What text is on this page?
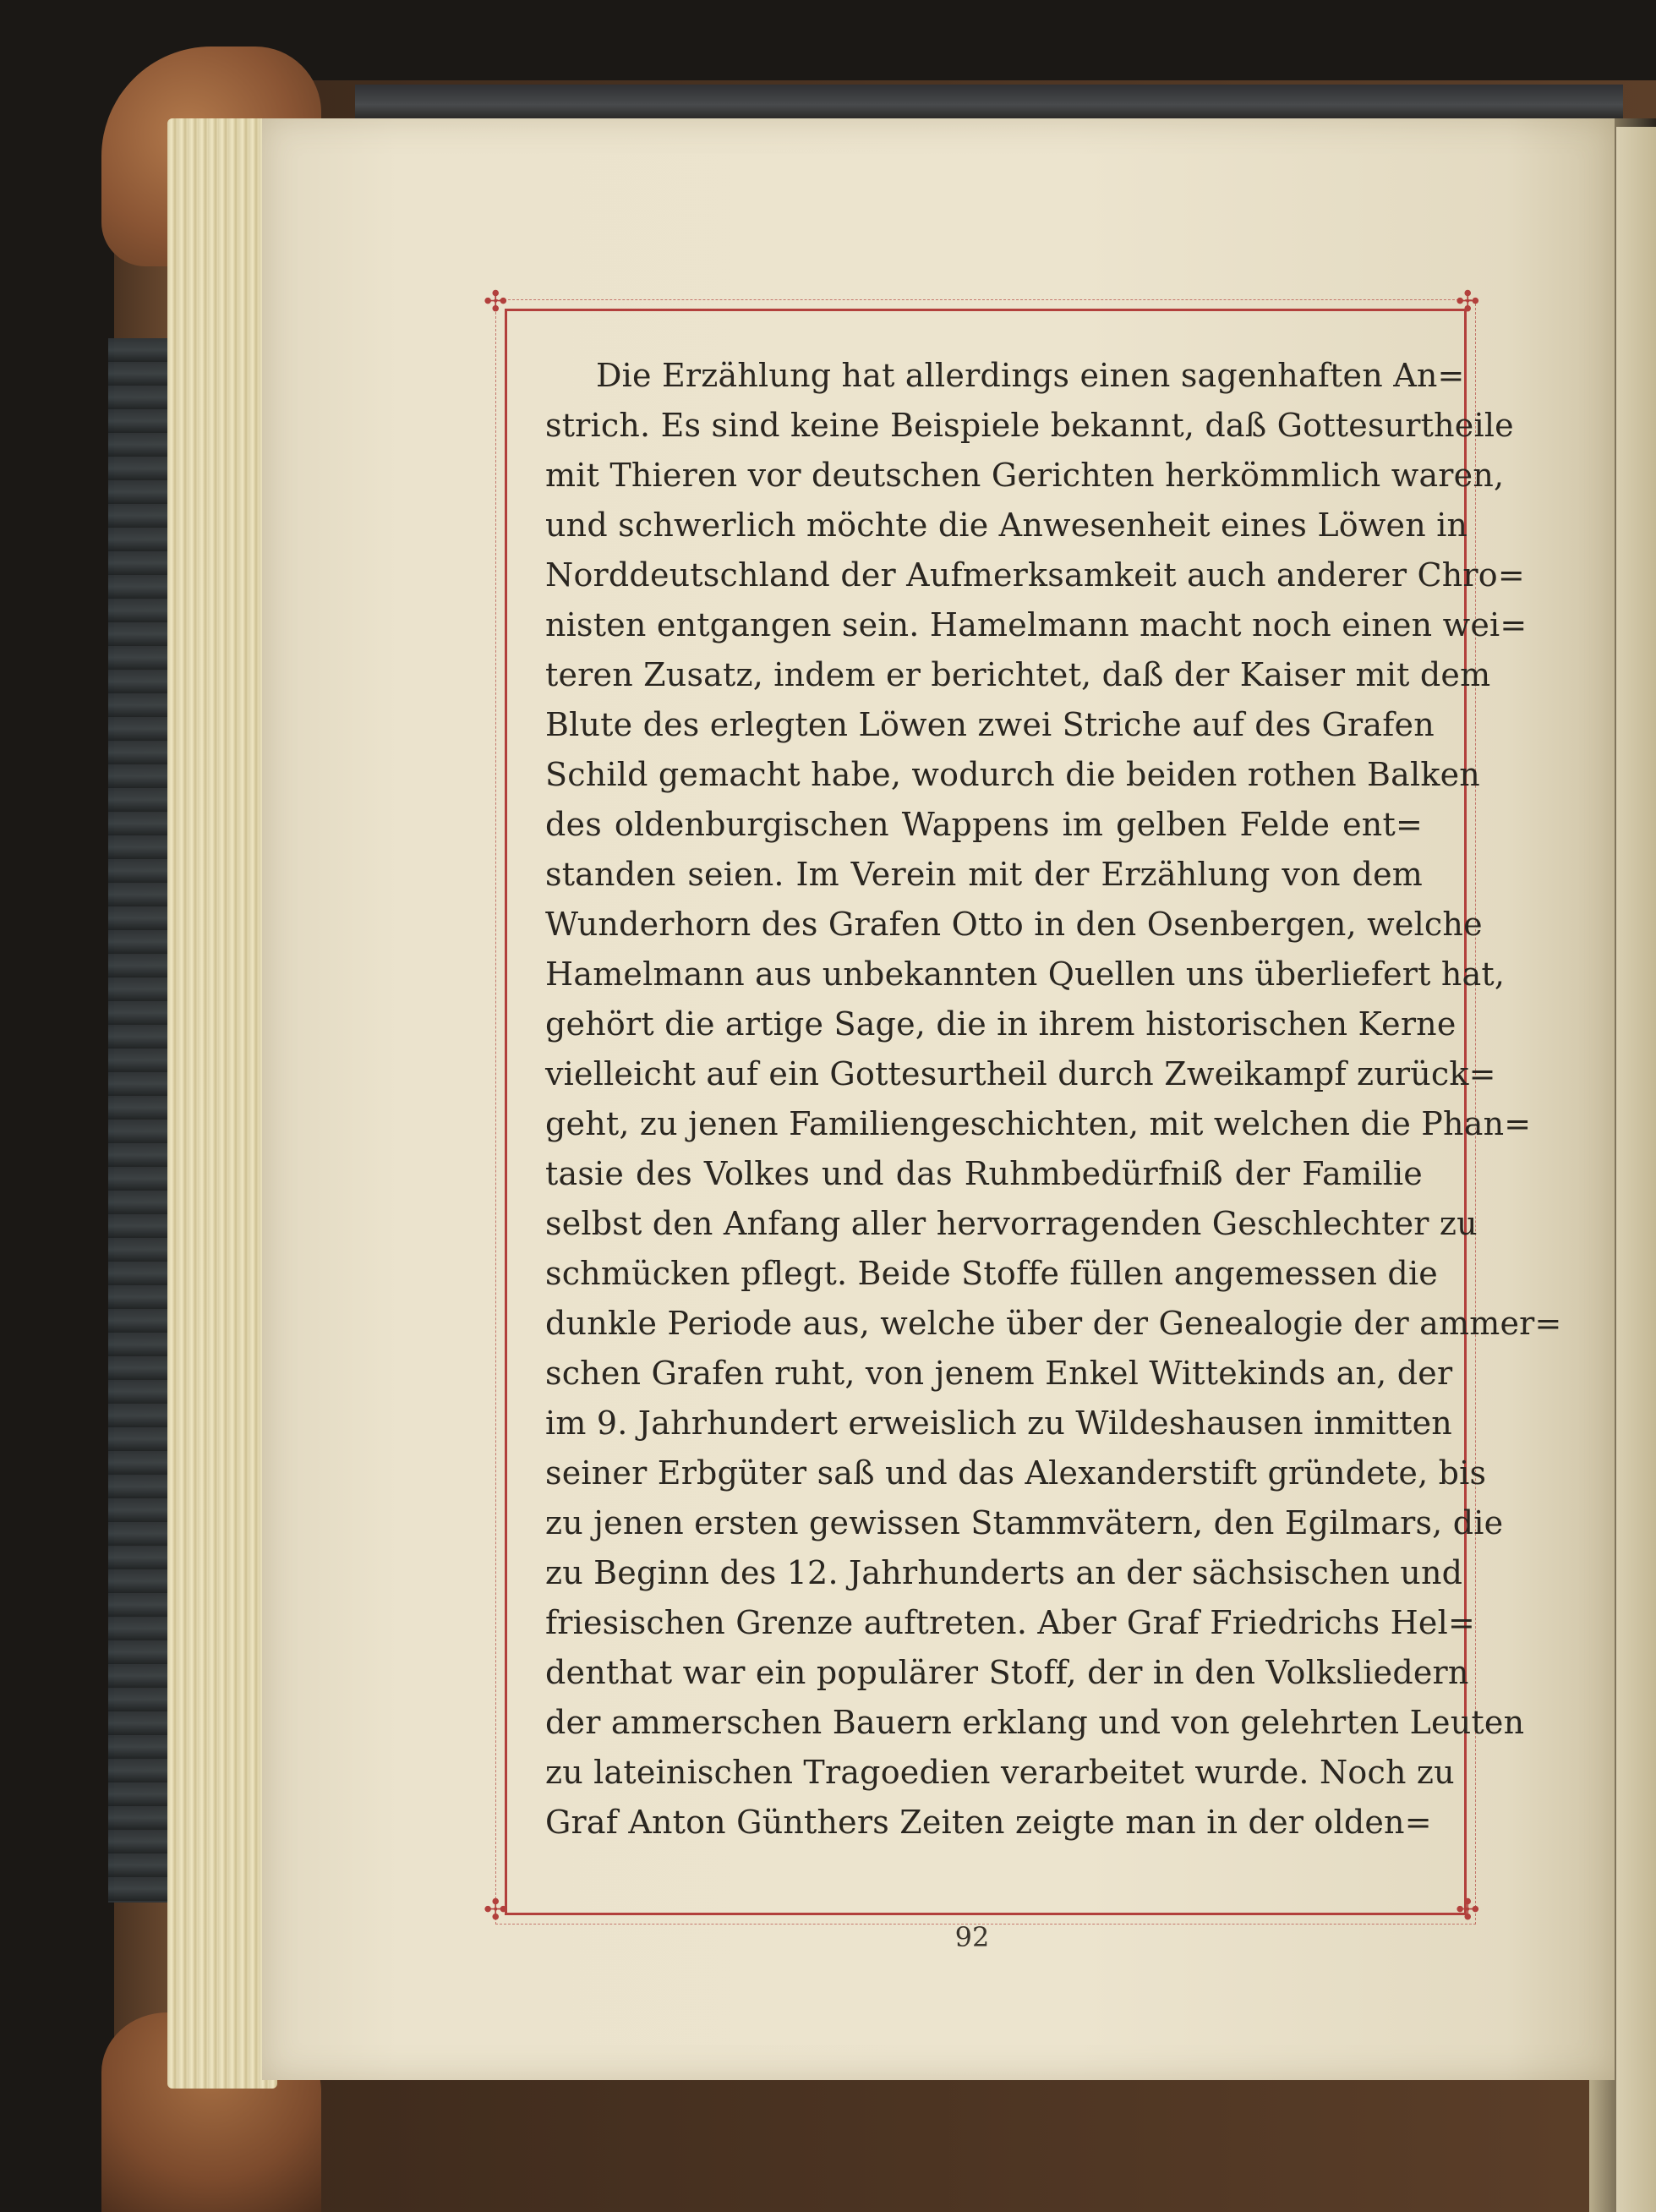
✣	✣
✣	✣
Die Erzählung hat allerdings einen sagenhaften An=
strich. Es sind keine Beispiele bekannt, daß Gottesurtheile
mit Thieren vor deutschen Gerichten herkömmlich waren,
und schwerlich möchte die Anwesenheit eines Löwen in
Norddeutschland der Aufmerksamkeit auch anderer Chro=
nisten entgangen sein. Hamelmann macht noch einen wei=
teren Zusatz, indem er berichtet, daß der Kaiser mit dem
Blute des erlegten Löwen zwei Striche auf des Grafen
Schild gemacht habe, wodurch die beiden rothen Balken
des oldenburgischen Wappens im gelben Felde ent=
standen seien. Im Verein mit der Erzählung von dem
Wunderhorn des Grafen Otto in den Osenbergen, welche
Hamelmann aus unbekannten Quellen uns überliefert hat,
gehört die artige Sage, die in ihrem historischen Kerne
vielleicht auf ein Gottesurtheil durch Zweikampf zurück=
geht, zu jenen Familiengeschichten, mit welchen die Phan=
tasie des Volkes und das Ruhmbedürfniß der Familie
selbst den Anfang aller hervorragenden Geschlechter zu
schmücken pflegt. Beide Stoffe füllen angemessen die
dunkle Periode aus, welche über der Genealogie der ammer=
schen Grafen ruht, von jenem Enkel Wittekinds an, der
im 9. Jahrhundert erweislich zu Wildeshausen inmitten
seiner Erbgüter saß und das Alexanderstift gründete, bis
zu jenen ersten gewissen Stammvätern, den Egilmars, die
zu Beginn des 12. Jahrhunderts an der sächsischen und
friesischen Grenze auftreten. Aber Graf Friedrichs Hel=
denthat war ein populärer Stoff, der in den Volksliedern
der ammerschen Bauern erklang und von gelehrten Leuten
zu lateinischen Tragoedien verarbeitet wurde. Noch zu
Graf Anton Günthers Zeiten zeigte man in der olden=
92
